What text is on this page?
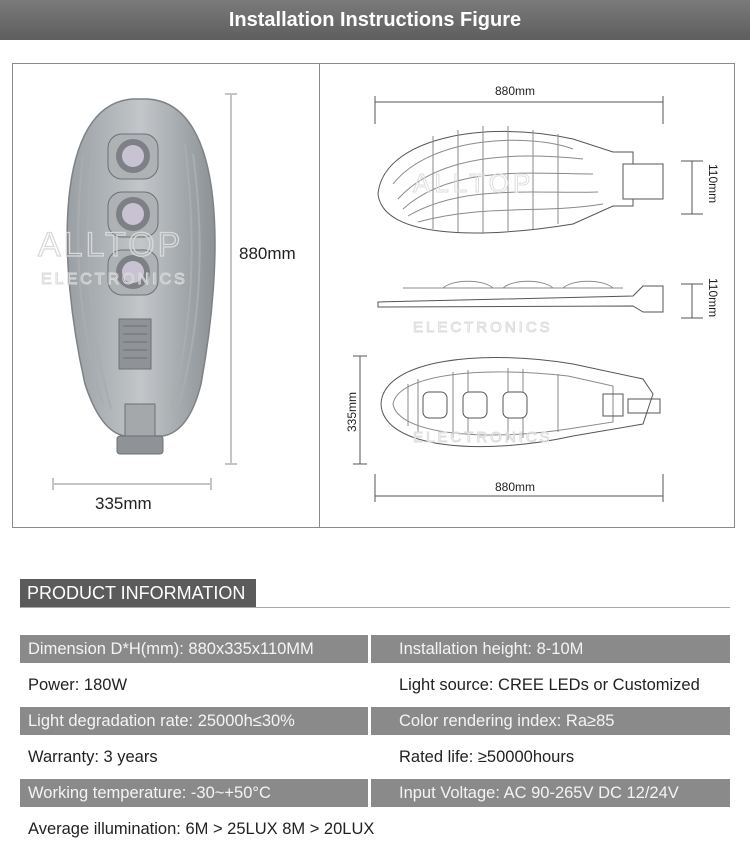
Installation Instructions Figure
ALLTOP
ELECTRONICS
880mm
335mm
ALLTOP
ELECTRONICS
ELECTRONICS
880mm
110mm
110mm
335mm
880mm
PRODUCT INFORMATION
Dimension D*H(mm): 880x335x110MM	Installation height: 8-10M
Power: 180W	Light source: CREE LEDs or Customized
Light degradation rate: 25000h≤30%	Color rendering index: Ra≥85
Warranty: 3 years	Rated life: ≥50000hours
Working temperature: -30~+50°C	Input Voltage: AC 90-265V DC 12/24V
Average illumination: 6M > 25LUX 8M > 20LUX
